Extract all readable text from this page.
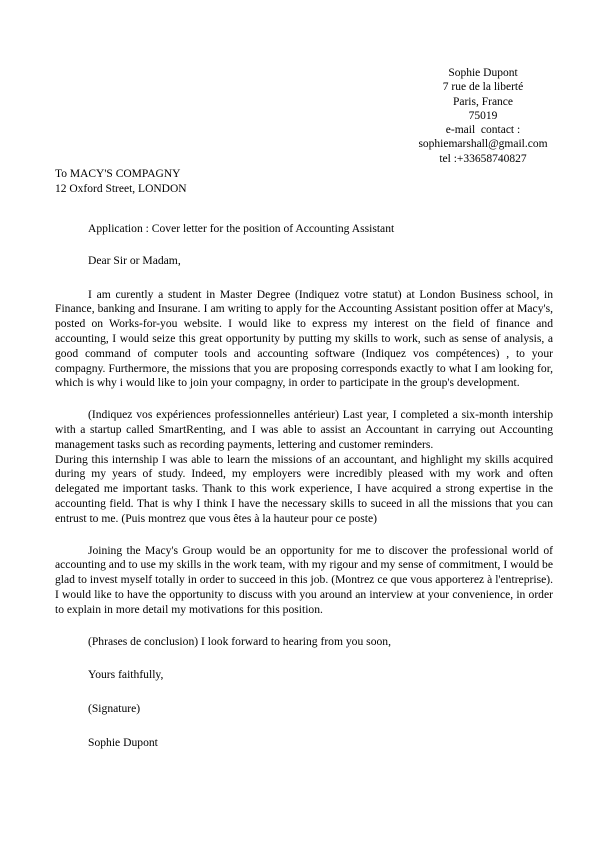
Sophie Dupont
7 rue de la liberté
Paris, France
75019
e-mail  contact :
sophiemarshall@gmail.com
tel :+33658740827
To MACY'S COMPAGNY
12 Oxford Street, LONDON
Application : Cover letter for the position of Accounting Assistant
Dear Sir or Madam,

I am curently a student in Master Degree (Indiquez votre statut) at London Business school, in Finance, banking and Insurane. I am writing to apply for the Accounting Assistant position offer at Macy's, posted on Works-for-you website. I would like to express my interest on the field of finance and accounting, I would seize this great opportunity by putting my skills to work, such as sense of analysis, a good command of computer tools and accounting software (Indiquez vos compétences) , to your compagny. Furthermore, the missions that you are proposing corresponds exactly to what I am looking for, which is why i would like to join your compagny, in order to participate in the group's development.

(Indiquez vos expériences professionnelles antérieur) Last year, I completed a six-month intership with a startup called SmartRenting, and I was able to assist an Accountant in carrying out Accounting management tasks such as recording payments, lettering and customer reminders.
During this internship I was able to learn the missions of an accountant, and highlight my skills acquired during my years of study. Indeed, my employers were incredibly pleased with my work and often delegated me important tasks. Thank to this work experience, I have acquired a strong expertise in the accounting field. That is why I think I have the necessary skills to suceed in all the missions that you can entrust to me. (Puis montrez que vous êtes à la hauteur pour ce poste)

Joining the Macy's Group would be an opportunity for me to discover the professional world of accounting and to use my skills in the work team, with my rigour and my sense of commitment, I would be glad to invest myself totally in order to succeed in this job. (Montrez ce que vous apporterez à l'entreprise). I would like to have the opportunity to discuss with you around an interview at your convenience, in order to explain in more detail my motivations for this position.

(Phrases de conclusion) I look forward to hearing from you soon,
Yours faithfully,
(Signature)
Sophie Dupont
